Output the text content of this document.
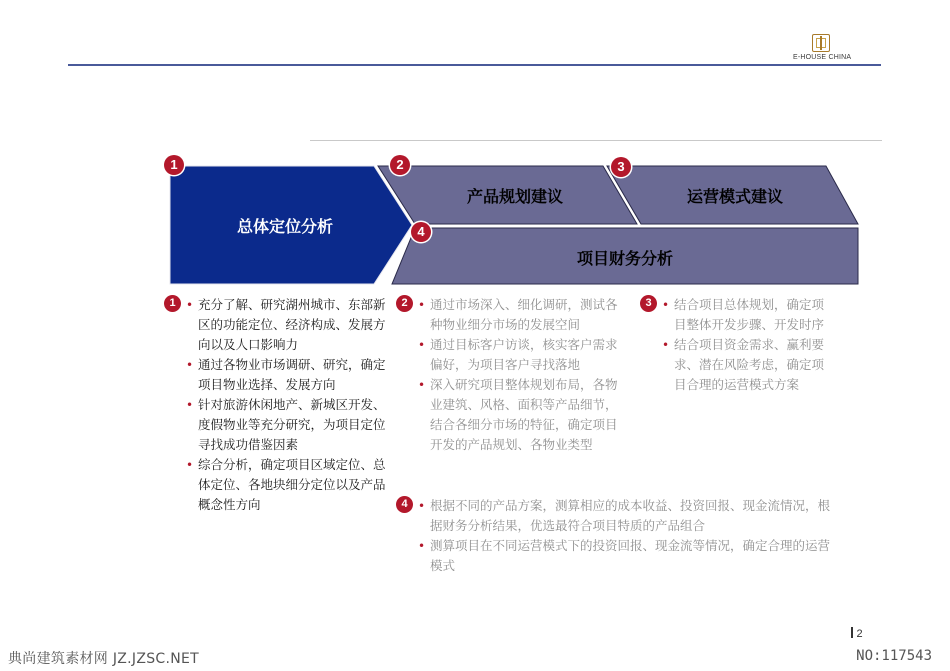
E-HOUSE CHINA
总体定位分析
产品规划建议	运营模式建议
项目财务分析
1	2	3
4
1	• 充分了解、研究湖州城市、东部新区的功能定位、经济构成、发展方向以及人口影响力
• 通过各物业市场调研、研究，确定项目物业选择、发展方向
• 针对旅游休闲地产、新城区开发、度假物业等充分研究，为项目定位寻找成功借鉴因素
• 综合分析，确定项目区域定位、总体定位、各地块细分定位以及产品概念性方向
2	• 通过市场深入、细化调研，测试各种物业细分市场的发展空间
• 通过目标客户访谈，核实客户需求偏好，为项目客户寻找落地
• 深入研究项目整体规划布局，各物业建筑、风格、面积等产品细节，结合各细分市场的特征，确定项目开发的产品规划、各物业类型
3	• 结合项目总体规划，确定项目整体开发步骤、开发时序
• 结合项目资金需求、赢利要求、潜在风险考虑，确定项目合理的运营模式方案
4	• 根据不同的产品方案，测算相应的成本收益、投资回报、现金流情况，根据财务分析结果，优选最符合项目特质的产品组合
• 测算项目在不同运营模式下的投资回报、现金流等情况，确定合理的运营模式
2
典尚建筑素材网 JZ.JZSC.NET	NO:117543
